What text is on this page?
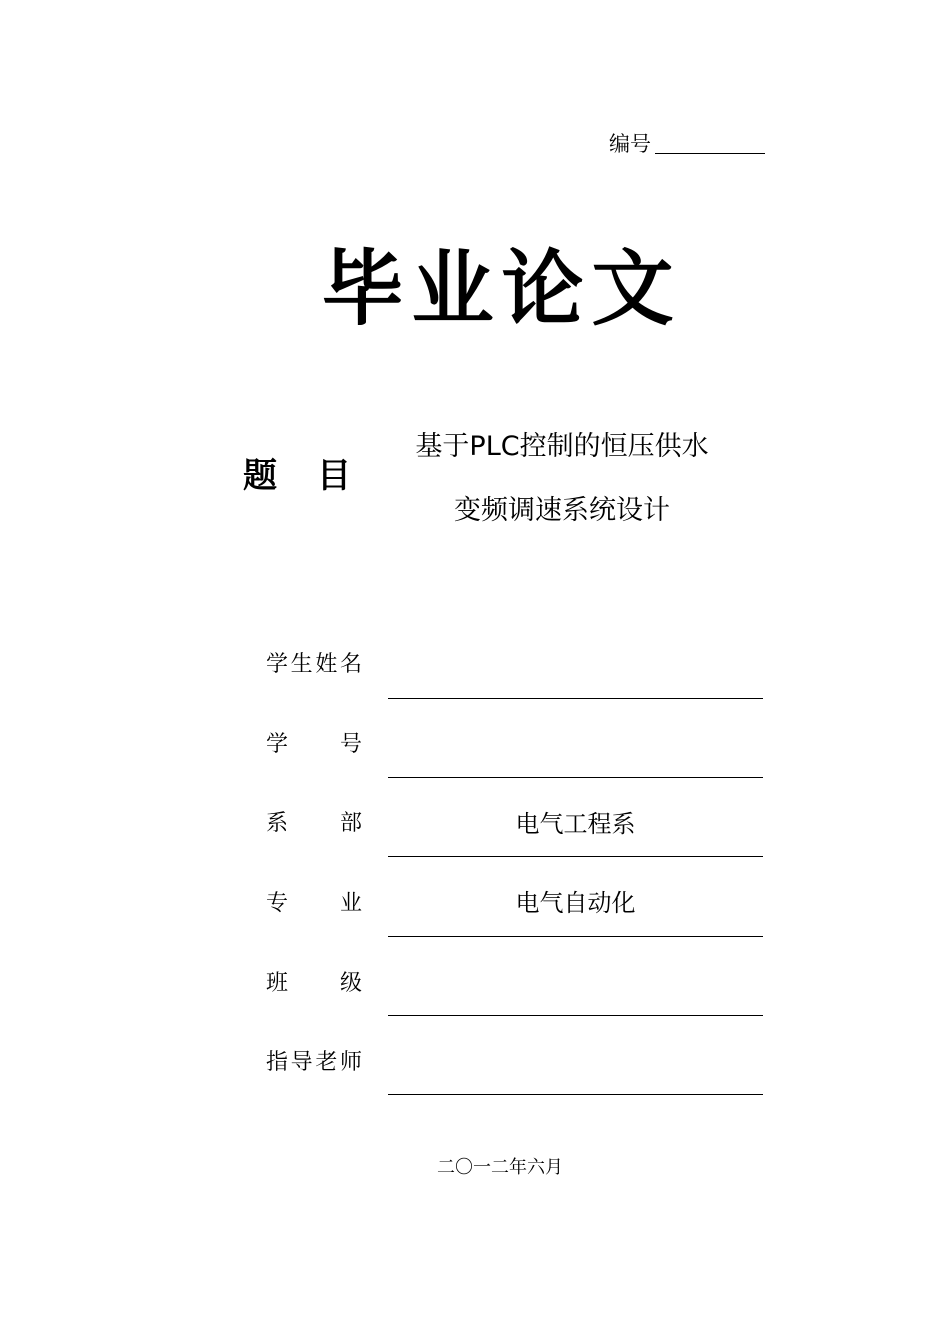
编号
毕业论文
题 目
基于PLC控制的恒压供水
变频调速系统设计
学 生 姓 名
学 号
系 部	电气工程系
专 业	电气自动化
班 级
指 导 老 师
二〇一二年六月
